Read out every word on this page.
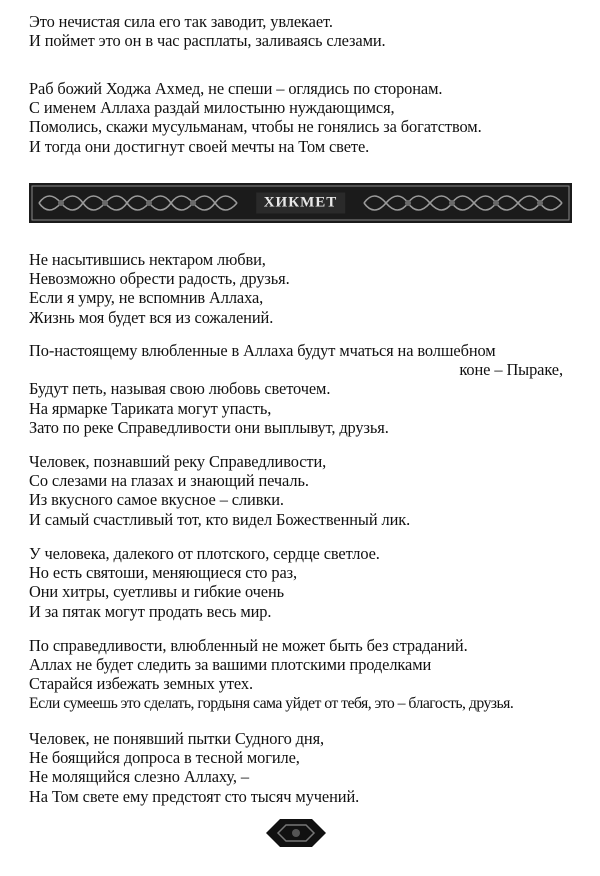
Это нечистая сила его так заводит, увлекает.
И поймет это он в час расплаты, заливаясь слезами.
Раб божий Ходжа Ахмед, не спеши – оглядись по сторонам.
С именем Аллаха раздай милостыню нуждающимся,
Помолись, скажи мусульманам, чтобы не гонялись за богатством.
И тогда они достигнут своей мечты на Том свете.
ХИКМЕТ
Не насытившись нектаром любви,
Невозможно обрести радость, друзья.
Если я умру, не вспомнив Аллаха,
Жизнь моя будет вся из сожалений.
По-настоящему влюбленные в Аллаха будут мчаться на волшебном
коне – Пыраке,
Будут петь, называя свою любовь светочем.
На ярмарке Тариката могут упасть,
Зато по реке Справедливости они выплывут, друзья.
Человек, познавший реку Справедливости,
Со слезами на глазах и знающий печаль.
Из вкусного самое вкусное – сливки.
И самый счастливый тот, кто видел Божественный лик.
У человека, далекого от плотского, сердце светлое.
Но есть святоши, меняющиеся сто раз,
Они хитры, суетливы и гибкие очень
И за пятак могут продать весь мир.
По справедливости, влюбленный не может быть без страданий.
Аллах не будет следить за вашими плотскими проделками
Старайся избежать земных утех.
Если сумеешь это сделать, гордыня сама уйдет от тебя, это – благость, друзья.
Человек, не понявший пытки Судного дня,
Не боящийся допроса в тесной могиле,
Не молящийся слезно Аллаху, –
На Том свете ему предстоят сто тысяч мучений.
